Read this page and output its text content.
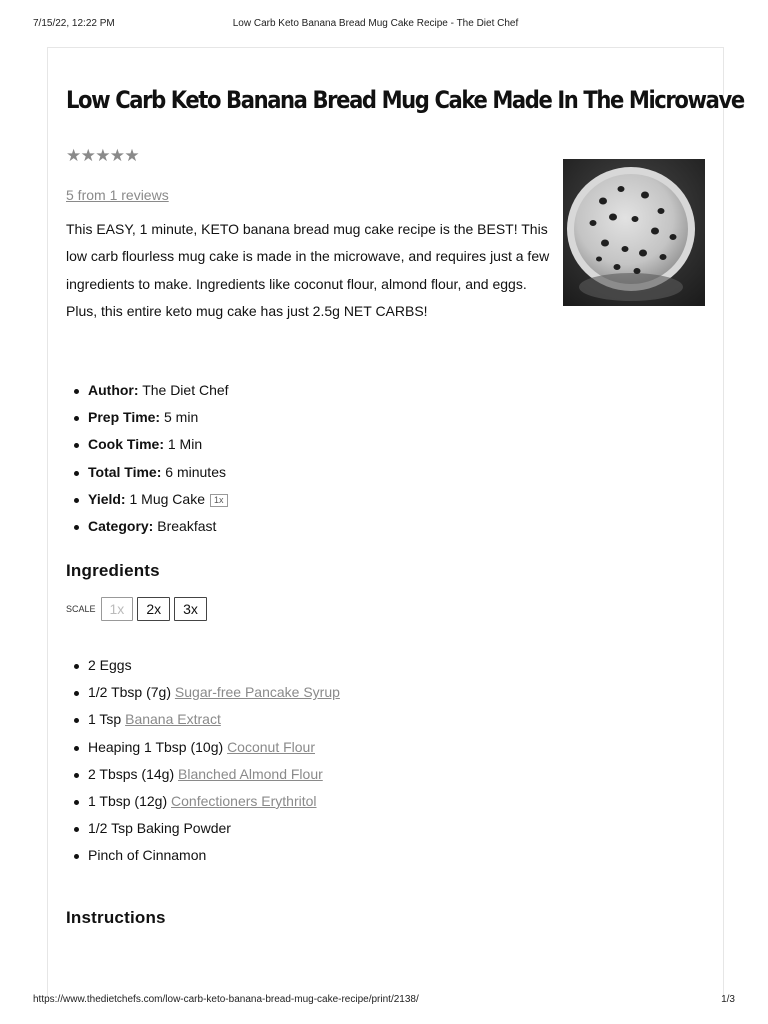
7/15/22, 12:22 PM	Low Carb Keto Banana Bread Mug Cake Recipe - The Diet Chef
Low Carb Keto Banana Bread Mug Cake Made In The Microwave
★★★★★
5 from 1 reviews

This EASY, 1 minute, KETO banana bread mug cake recipe is the BEST! This low carb flourless mug cake is made in the microwave, and requires just a few ingredients to make. Ingredients like coconut flour, almond flour, and eggs. Plus, this entire keto mug cake has just 2.5g NET CARBS!

Author: The Diet Chef
Prep Time: 5 min
Cook Time: 1 Min
Total Time: 6 minutes
Yield: 1 Mug Cake 1x
Category: Breakfast
Ingredients
SCALE	1x	2x	3x
2 Eggs
1/2 Tbsp (7g) Sugar-free Pancake Syrup
1 Tsp Banana Extract
Heaping 1 Tbsp (10g) Coconut Flour
2 Tbsps (14g) Blanched Almond Flour
1 Tbsp (12g) Confectioners Erythritol
1/2 Tsp Baking Powder
Pinch of Cinnamon
Instructions
https://www.thedietchefs.com/low-carb-keto-banana-bread-mug-cake-recipe/print/2138/	1/3
